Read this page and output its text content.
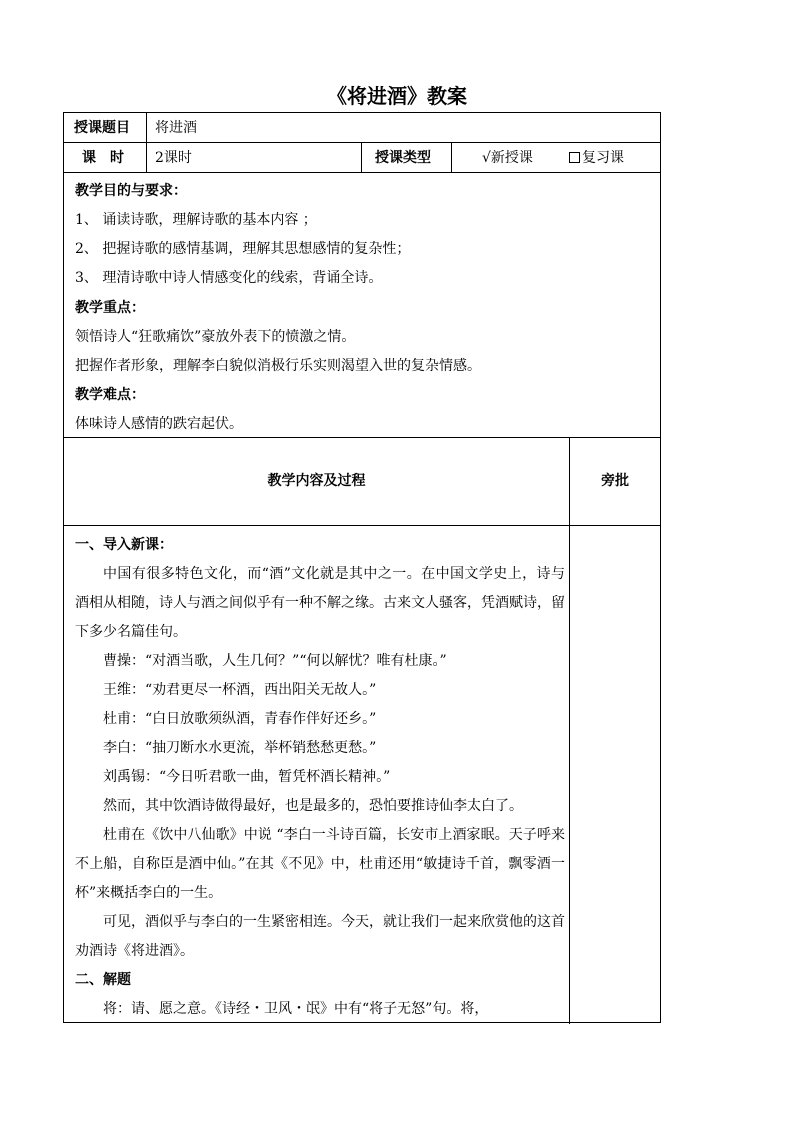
《将进酒》教案
授课题目 将进酒
课　时 2课时	授课类型	√新授课	复习课
教学目的与要求：
1、 诵读诗歌，理解诗歌的基本内容 ；
2、 把握诗歌的感情基调，理解其思想感情的复杂性；
3、 理清诗歌中诗人情感变化的线索，背诵全诗。
教学重点：
领悟诗人“狂歌痛饮”豪放外表下的愤激之情。
把握作者形象，理解李白貌似消极行乐实则渴望入世的复杂情感。
教学难点：
体味诗人感情的跌宕起伏。
教学内容及过程	旁批
一、导入新课：
中国有很多特色文化，而“酒”文化就是其中之一。在中国文学史上，诗与酒相从相随，诗人与酒之间似乎有一种不解之缘。古来文人骚客，凭酒赋诗，留下多少名篇佳句。
曹操：“对酒当歌，人生几何？”“何以解忧？唯有杜康。”
王维：“劝君更尽一杯酒，西出阳关无故人。”
杜甫：“白日放歌须纵酒，青春作伴好还乡。”
李白：“抽刀断水水更流，举杯销愁愁更愁。”
刘禹锡：“今日听君歌一曲，暂凭杯酒长精神。”
然而，其中饮酒诗做得最好，也是最多的，恐怕要推诗仙李太白了。
杜甫在《饮中八仙歌》中说 “李白一斗诗百篇，长安市上酒家眠。天子呼来不上船，自称臣是酒中仙。”在其《不见》中，杜甫还用“敏捷诗千首，飘零酒一杯”来概括李白的一生。
可见，酒似乎与李白的一生紧密相连。今天，就让我们一起来欣赏他的这首劝酒诗《将进酒》。
二、解题
将：请、愿之意。《诗经・卫风・氓》中有“将子无怒”句。将，
